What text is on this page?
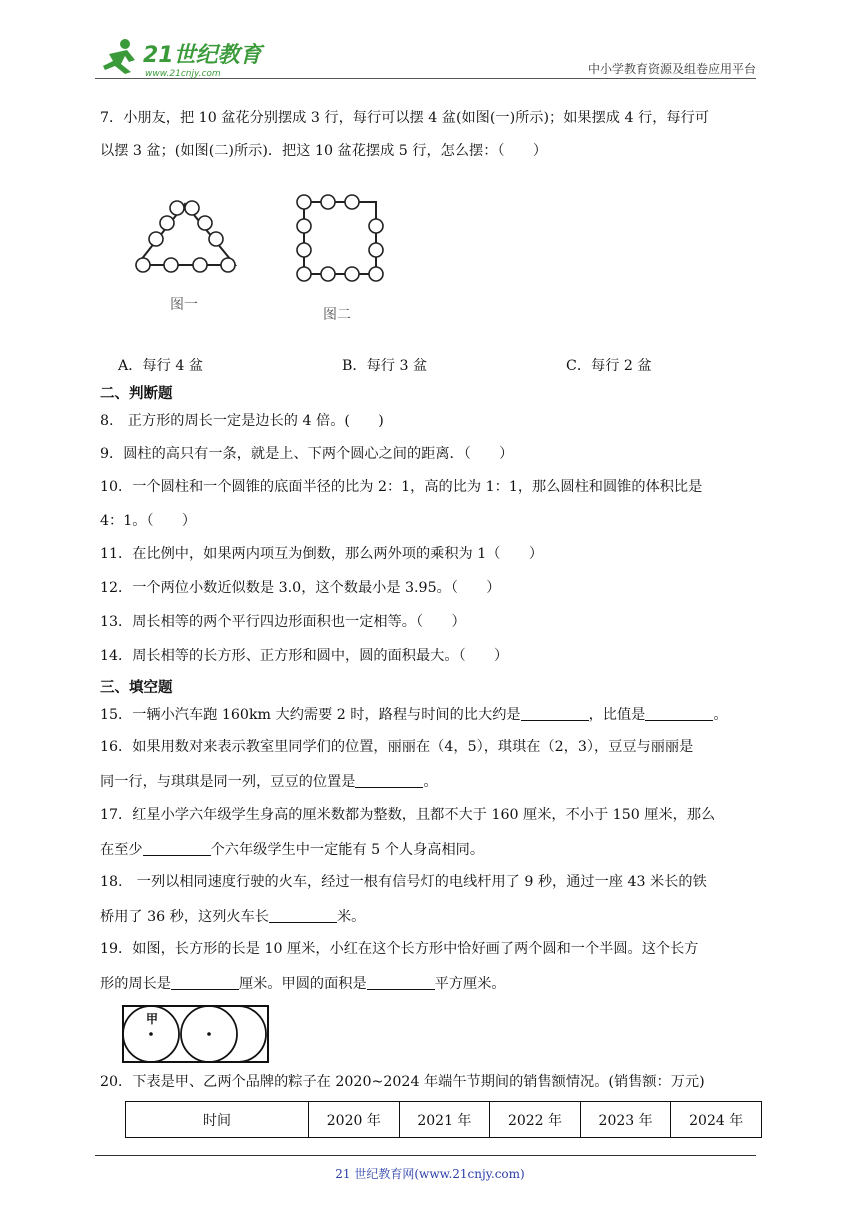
21世纪教育
www.21cnjy.com	中小学教育资源及组卷应用平台
7．小朋友，把 10 盆花分别摆成 3 行，每行可以摆 4 盆(如图(一)所示)；如果摆成 4 行，每行可
以摆 3 盆；(如图(二)所示)．把这 10 盆花摆成 5 行，怎么摆：（　　）
图一
图二
A．每行 4 盆	B．每行 3 盆	C．每行 2 盆
二、判断题
8.　正方形的周长一定是边长的 4 倍。(　　)
9．圆柱的高只有一条，就是上、下两个圆心之间的距离．（　　）
10．一个圆柱和一个圆锥的底面半径的比为 2：1，高的比为 1：1，那么圆柱和圆锥的体积比是
4：1。（　　）
11．在比例中，如果两内项互为倒数，那么两外项的乘积为 1（　　）
12．一个两位小数近似数是 3.0，这个数最小是 3.95。（　　）
13．周长相等的两个平行四边形面积也一定相等。（　　）
14．周长相等的长方形、正方形和圆中，圆的面积最大。（　　）
三、填空题
15．一辆小汽车跑 160km 大约需要 2 时，路程与时间的比大约是	，比值是	。
16．如果用数对来表示教室里同学们的位置，丽丽在（4，5），琪琪在（2，3），豆豆与丽丽是
同一行，与琪琪是同一列，豆豆的位置是	。
17．红星小学六年级学生身高的厘米数都为整数，且都不大于 160 厘米，不小于 150 厘米，那么
在至少	个六年级学生中一定能有 5 个人身高相同。
18.　一列以相同速度行驶的火车，经过一根有信号灯的电线杆用了 9 秒，通过一座 43 米长的铁
桥用了 36 秒，这列火车长	米。
19．如图，长方形的长是 10 厘米，小红在这个长方形中恰好画了两个圆和一个半圆。这个长方
形的周长是	厘米。甲圆的面积是	平方厘米。
甲
20．下表是甲、乙两个品牌的粽子在 2020~2024 年端午节期间的销售额情况。(销售额：万元)
时间	2020 年	2021 年	2022 年	2023 年	2024 年
21 世纪教育网(www.21cnjy.com)
